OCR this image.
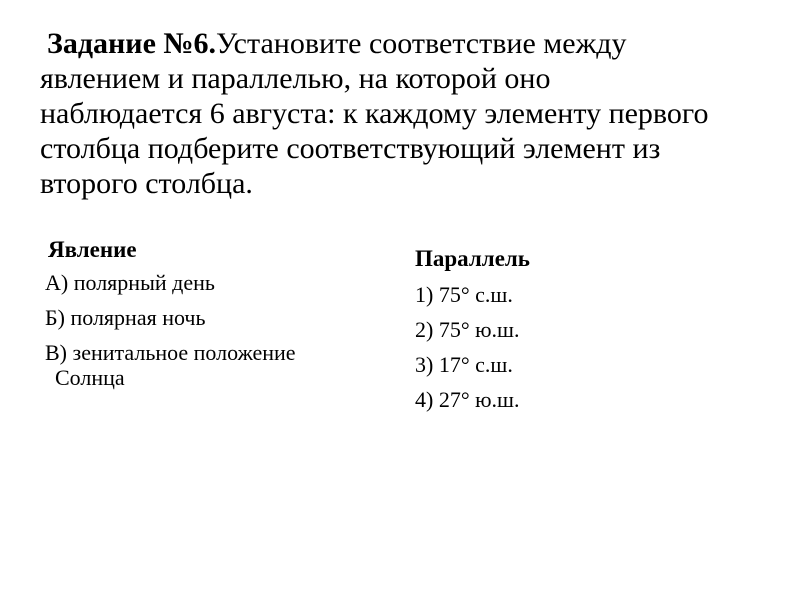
Задание №6.Установите соответствие между
явлением и параллелью, на которой оно
наблюдается 6 августа: к каждому элементу первого
столбца подберите соответствующий элемент из
второго столбца.
Явление
А) полярный день
Б) полярная ночь
В) зенитальное положение Солнца
Параллель
1) 75° с.ш.
2) 75° ю.ш.
3) 17° с.ш.
4) 27° ю.ш.
